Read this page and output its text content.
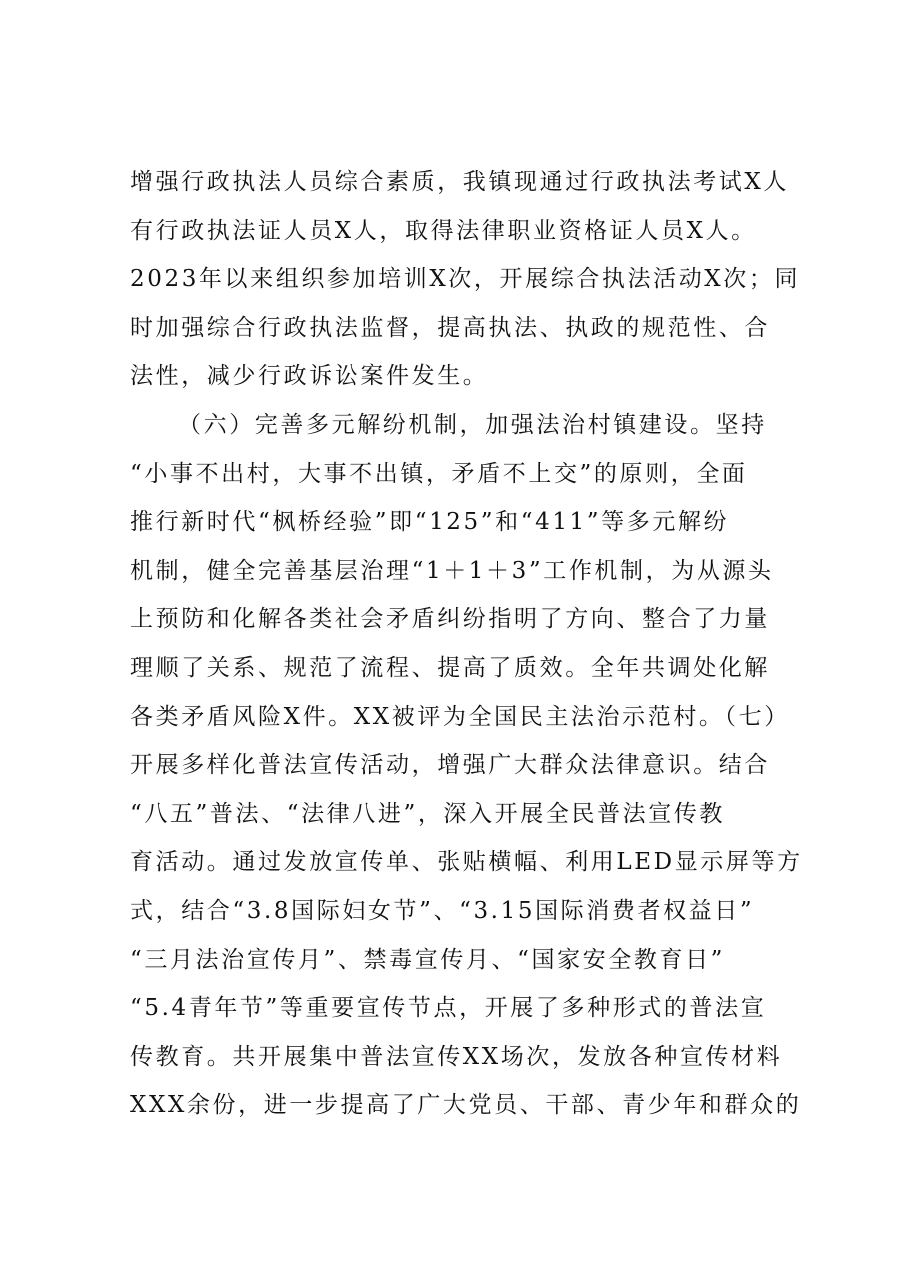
增强行政执法人员综合素质，我镇现通过行政执法考试X人
有行政执法证人员X人，取得法律职业资格证人员X人。
2023年以来组织参加培训X次，开展综合执法活动X次；同
时加强综合行政执法监督，提高执法、执政的规范性、合
法性，减少行政诉讼案件发生。
（六）完善多元解纷机制，加强法治村镇建设。坚持
“小事不出村，大事不出镇，矛盾不上交”的原则，全面
推行新时代“枫桥经验”即“125”和“411”等多元解纷
机制，健全完善基层治理“1＋1＋3”工作机制，为从源头
上预防和化解各类社会矛盾纠纷指明了方向、整合了力量
理顺了关系、规范了流程、提高了质效。全年共调处化解
各类矛盾风险X件。XX被评为全国民主法治示范村。（七）
开展多样化普法宣传活动，增强广大群众法律意识。结合
“八五”普法、“法律八进”，深入开展全民普法宣传教
育活动。通过发放宣传单、张贴横幅、利用LED显示屏等方
式，结合“3.8国际妇女节”、“3.15国际消费者权益日”
“三月法治宣传月”、禁毒宣传月、“国家安全教育日”
“5.4青年节”等重要宣传节点，开展了多种形式的普法宣
传教育。共开展集中普法宣传XX场次，发放各种宣传材料
XXX余份，进一步提高了广大党员、干部、青少年和群众的
